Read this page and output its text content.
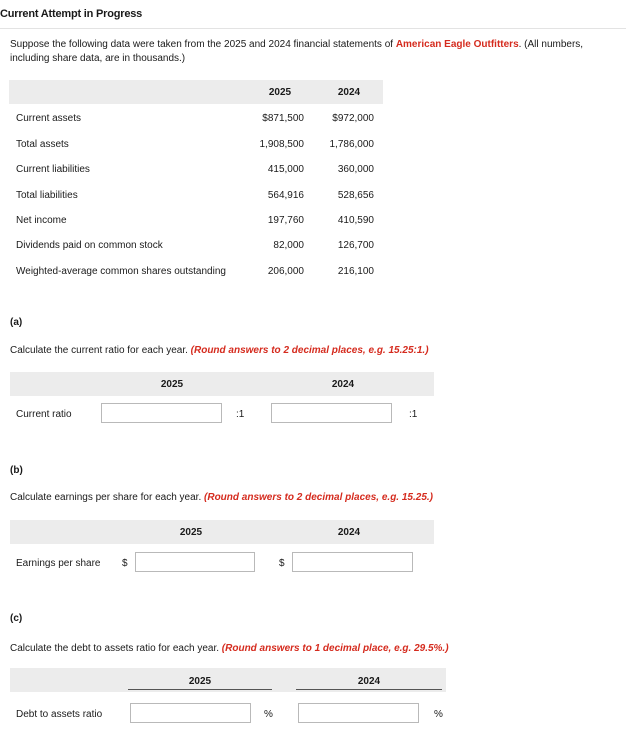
Current Attempt in Progress
Suppose the following data were taken from the 2025 and 2024 financial statements of American Eagle Outfitters. (All numbers, including share data, are in thousands.)
2025	2024
Current assets	$871,500	$972,000
Total assets	1,908,500	1,786,000
Current liabilities	415,000	360,000
Total liabilities	564,916	528,656
Net income	197,760	410,590
Dividends paid on common stock	82,000	126,700
Weighted-average common shares outstanding	206,000	216,100
(a)
Calculate the current ratio for each year. (Round answers to 2 decimal places, e.g. 15.25:1.)
2025	2024
Current ratio	:1	:1
(b)
Calculate earnings per share for each year. (Round answers to 2 decimal places, e.g. 15.25.)
2025	2024
Earnings per share $	$
(c)
Calculate the debt to assets ratio for each year. (Round answers to 1 decimal place, e.g. 29.5%.)
2025	2024
Debt to assets ratio	%	%
